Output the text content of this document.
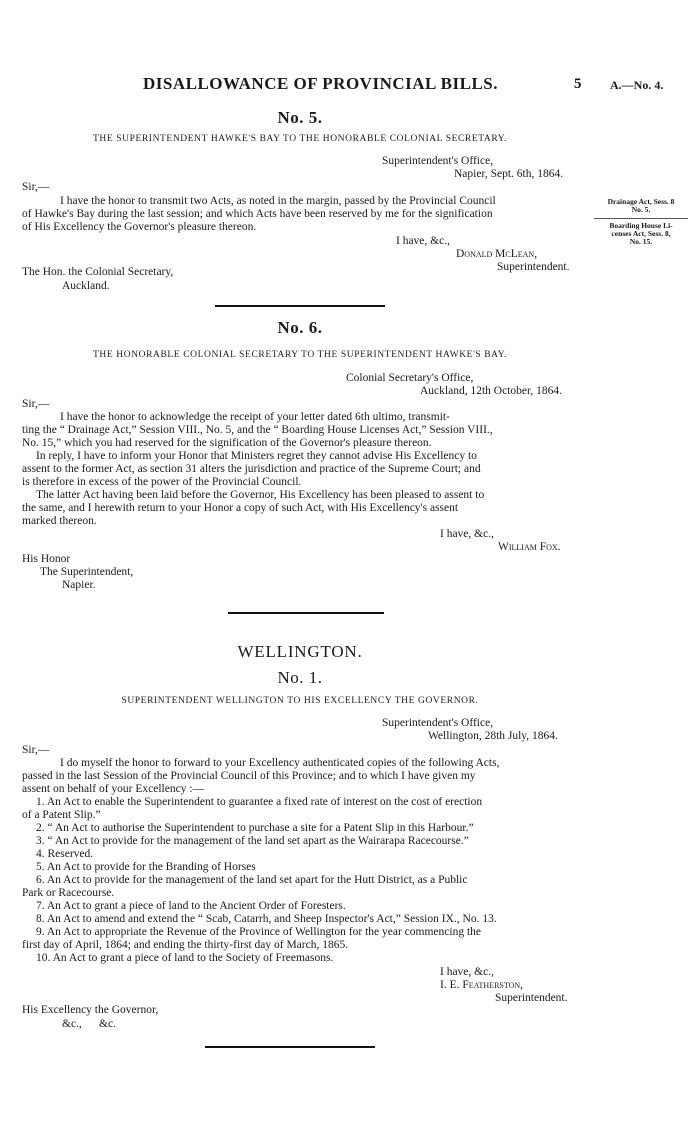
DISALLOWANCE OF PROVINCIAL BILLS.	5 A.—No. 4.
No. 5.
THE SUPERINTENDENT HAWKE'S BAY TO THE HONORABLE COLONIAL SECRETARY.
Superintendent's Office,
Napier, Sept. 6th, 1864.
Sir,—
I have the honor to transmit two Acts, as noted in the margin, passed by the Provincial Council
of Hawke's Bay during the last session; and which Acts have been reserved by me for the signification
of His Excellency the Governor's pleasure thereon.
I have, &c.,
Donald McLean,
Superintendent.
The Hon. the Colonial Secretary,
Auckland.
Drainage Act, Sess. 8
No. 5.
Boarding House Li-
censes Act, Sess. 8,
No. 15.
No. 6.
THE HONORABLE COLONIAL SECRETARY TO THE SUPERINTENDENT HAWKE'S BAY.
Colonial Secretary's Office,
Auckland, 12th October, 1864.
Sir,—
I have the honor to acknowledge the receipt of your letter dated 6th ultimo, transmit-
ting the “ Drainage Act,” Session VIII., No. 5, and the “ Boarding House Licenses Act,” Session VIII.,
No. 15,” which you had reserved for the signification of the Governor's pleasure thereon.
In reply, I have to inform your Honor that Ministers regret they cannot advise His Excellency to
assent to the former Act, as section 31 alters the jurisdiction and practice of the Supreme Court; and
is therefore in excess of the power of the Provincial Council.
The latter Act having been laid before the Governor, His Excellency has been pleased to assent to
the same, and I herewith return to your Honor a copy of such Act, with His Excellency's assent
marked thereon.
I have, &c.,
William Fox.
His Honor
The Superintendent,
Napier.
WELLINGTON.
No. 1.
SUPERINTENDENT WELLINGTON TO HIS EXCELLENCY THE GOVERNOR.
Superintendent's Office,
Wellington, 28th July, 1864.
Sir,—
I do myself the honor to forward to your Excellency authenticated copies of the following Acts,
passed in the last Session of the Provincial Council of this Province; and to which I have given my
assent on behalf of your Excellency :—
1. An Act to enable the Superintendent to guarantee a fixed rate of interest on the cost of erection
of a Patent Slip.”
2. “ An Act to authorise the Superintendent to purchase a site for a Patent Slip in this Harbour.”
3. “ An Act to provide for the management of the land set apart as the Wairarapa Racecourse.”
4. Reserved.
5. An Act to provide for the Branding of Horses
6. An Act to provide for the management of the land set apart for the Hutt District, as a Public
Park or Racecourse.
7. An Act to grant a piece of land to the Ancient Order of Foresters.
8. An Act to amend and extend the “ Scab, Catarrh, and Sheep Inspector's Act,” Session IX., No. 13.
9. An Act to appropriate the Revenue of the Province of Wellington for the year commencing the
first day of April, 1864; and ending the thirty-first day of March, 1865.
10. An Act to grant a piece of land to the Society of Freemasons.
I have, &c.,
I. E. Featherston,
Superintendent.
His Excellency the Governor,
&c.,      &c.
